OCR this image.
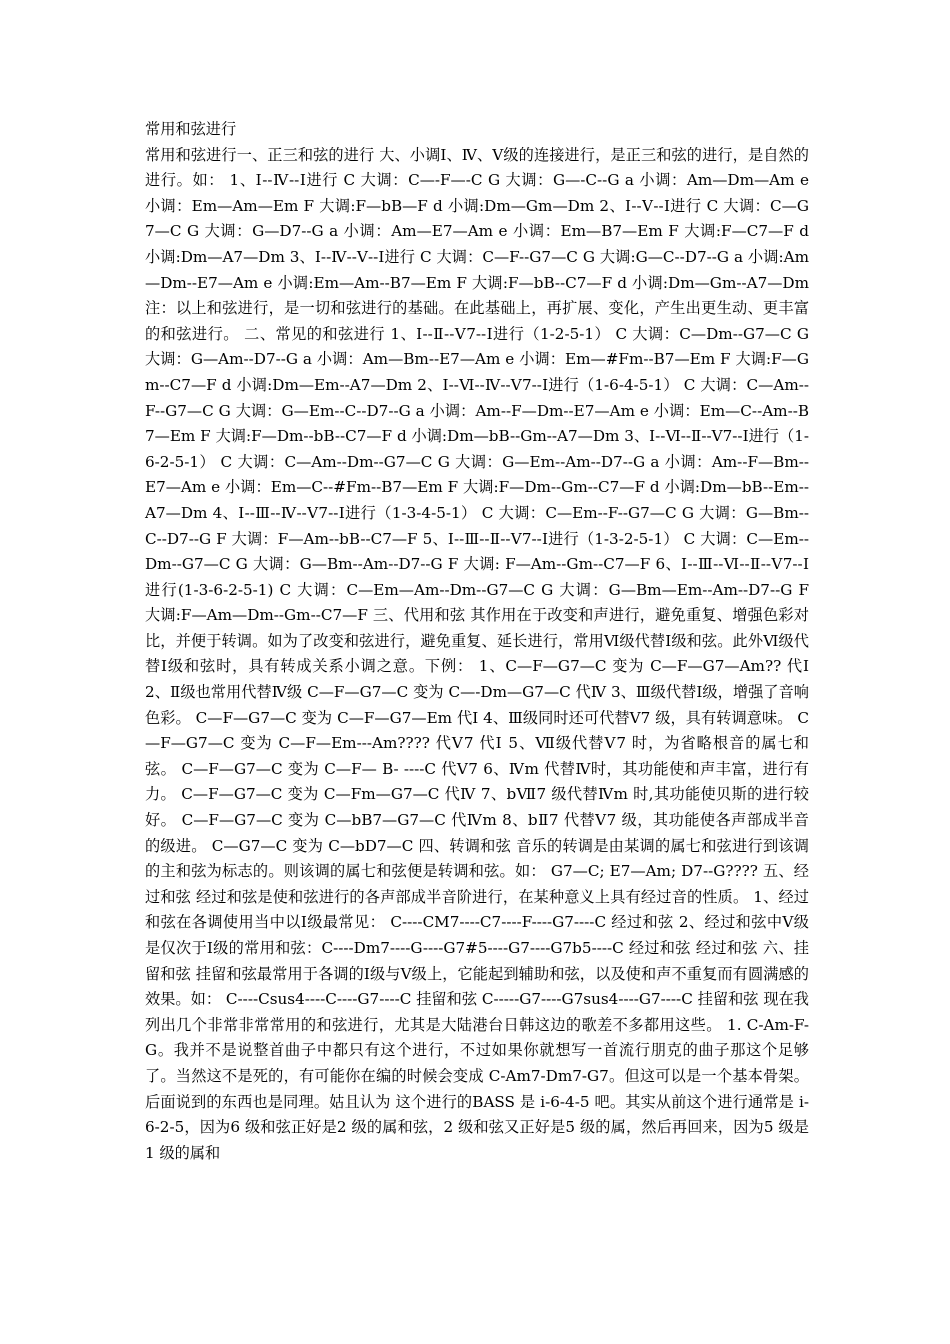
常用和弦进行

常用和弦进行一、正三和弦的进行 大、小调Ⅰ、Ⅳ、Ⅴ级的连接进行，是正三和弦的进行，是自然的进行。如： 1、Ⅰ--Ⅳ--Ⅰ进行 C 大调：C—-F—-C G 大调：G—-C--G a 小调：Am—Dm—Am e 小调：Em—Am—Em F 大调:F—bB—F d 小调:Dm—Gm—Dm 2、Ⅰ--Ⅴ--Ⅰ进行 C 大调：C—G7—C G 大调：G—D7--G a 小调：Am—E7—Am e 小调：Em—B7—Em F 大调:F—C7—F d 小调:Dm—A7—Dm 3、Ⅰ--Ⅳ--Ⅴ--Ⅰ进行 C 大调：C—F--G7—C G 大调:G—C--D7--G a 小调:Am—Dm--E7—Am e 小调:Em—Am--B7—Em F 大调:F—bB--C7—F d 小调:Dm—Gm--A7—Dm 注：以上和弦进行，是一切和弦进行的基础。在此基础上，再扩展、变化，产生出更生动、更丰富的和弦进行。 二、常见的和弦进行 1、Ⅰ--Ⅱ--Ⅴ7--Ⅰ进行（1-2-5-1） C 大调：C—Dm--G7—C G 大调：G—Am--D7--G a 小调：Am—Bm--E7—Am e 小调：Em—#Fm--B7—Em F 大调:F—Gm--C7—F d 小调:Dm—Em--A7—Dm 2、Ⅰ--Ⅵ--Ⅳ--Ⅴ7--Ⅰ进行（1-6-4-5-1） C 大调：C—Am--F--G7—C G 大调：G—Em--C--D7--G a 小调：Am--F—Dm--E7—Am e 小调：Em—C--Am--B7—Em F 大调:F—Dm--bB--C7—F d 小调:Dm—bB--Gm--A7—Dm 3、Ⅰ--Ⅵ--Ⅱ--Ⅴ7--Ⅰ进行（1-6-2-5-1） C 大调：C—Am--Dm--G7—C G 大调：G—Em--Am--D7--G a 小调：Am--F—Bm--E7—Am e 小调：Em—C--#Fm--B7—Em F 大调:F—Dm--Gm--C7—F d 小调:Dm—bB--Em--A7—Dm 4、Ⅰ--Ⅲ--Ⅳ--Ⅴ7--Ⅰ进行（1-3-4-5-1） C 大调：C—Em--F--G7—C G 大调：G—Bm--C--D7--G F 大调：F—Am--bB--C7—F 5、Ⅰ--Ⅲ--Ⅱ--Ⅴ7--Ⅰ进行（1-3-2-5-1） C 大调：C—Em--Dm--G7—C G 大调：G—Bm--Am--D7--G F 大调: F—Am--Gm--C7—F 6、Ⅰ--Ⅲ--Ⅵ--Ⅱ--Ⅴ7--Ⅰ进行(1-3-6-2-5-1) C 大调：C—Em—Am--Dm--G7—C G 大调：G—Bm—Em--Am--D7--G F 大调:F—Am—Dm--Gm--C7—F 三、代用和弦 其作用在于改变和声进行，避免重复、增强色彩对比，并便于转调。如为了改变和弦进行，避免重复、延长进行，常用Ⅵ级代替Ⅰ级和弦。此外Ⅵ级代替Ⅰ级和弦时，具有转成关系小调之意。下例： 1、C—F—G7—C 变为 C—F—G7—Am?? 代Ⅰ 2、Ⅱ级也常用代替Ⅳ级 C—F—G7—C 变为 C—-Dm—G7—C 代Ⅳ 3、Ⅲ级代替Ⅰ级，增强了音响色彩。 C—F—G7—C 变为 C—F—G7—Em 代Ⅰ 4、Ⅲ级同时还可代替Ⅴ7 级，具有转调意味。 C—F—G7—C 变为 C—F—Em---Am???? 代Ⅴ7 代Ⅰ 5、Ⅶ级代替Ⅴ7 时，为省略根音的属七和弦。 C—F—G7—C 变为 C—F— B- ----C 代Ⅴ7 6、Ⅳm 代替Ⅳ时，其功能使和声丰富，进行有力。 C—F—G7—C 变为 C—Fm—G7—C 代Ⅳ 7、bⅦ7 级代替Ⅳm 时,其功能使贝斯的进行较好。 C—F—G7—C 变为 C—bB7—G7—C 代Ⅳm 8、bⅡ7 代替Ⅴ7 级，其功能使各声部成半音的级进。 C—G7—C 变为 C—bD7—C 四、转调和弦 音乐的转调是由某调的属七和弦进行到该调的主和弦为标志的。则该调的属七和弦便是转调和弦。如： G7—C; E7—Am; D7--G???? 五、经过和弦 经过和弦是使和弦进行的各声部成半音阶进行，在某种意义上具有经过音的性质。 1、经过和弦在各调使用当中以Ⅰ级最常见： C----CM7----C7----F----G7----C 经过和弦 2、经过和弦中Ⅴ级是仅次于Ⅰ级的常用和弦：C----Dm7----G----G7#5----G7----G7b5----C 经过和弦 经过和弦 六、挂留和弦 挂留和弦最常用于各调的Ⅰ级与Ⅴ级上，它能起到辅助和弦，以及使和声不重复而有圆满感的效果。如： C----Csus4----C----G7----C 挂留和弦 C-----G7----G7sus4----G7----C 挂留和弦 现在我列出几个非常非常常用的和弦进行，尤其是大陆港台日韩这边的歌差不多都用这些。 1. C-Am-F-G。我并不是说整首曲子中都只有这个进行，不过如果你就想写一首流行朋克的曲子那这个足够了。当然这不是死的，有可能你在编的时候会变成 C-Am7-Dm7-G7。但这可以是一个基本骨架。后面说到的东西也是同理。姑且认为 这个进行的BASS 是 i-6-4-5 吧。其实从前这个进行通常是 i-6-2-5，因为6 级和弦正好是2 级的属和弦，2 级和弦又正好是5 级的属，然后再回来，因为5 级是1 级的属和
